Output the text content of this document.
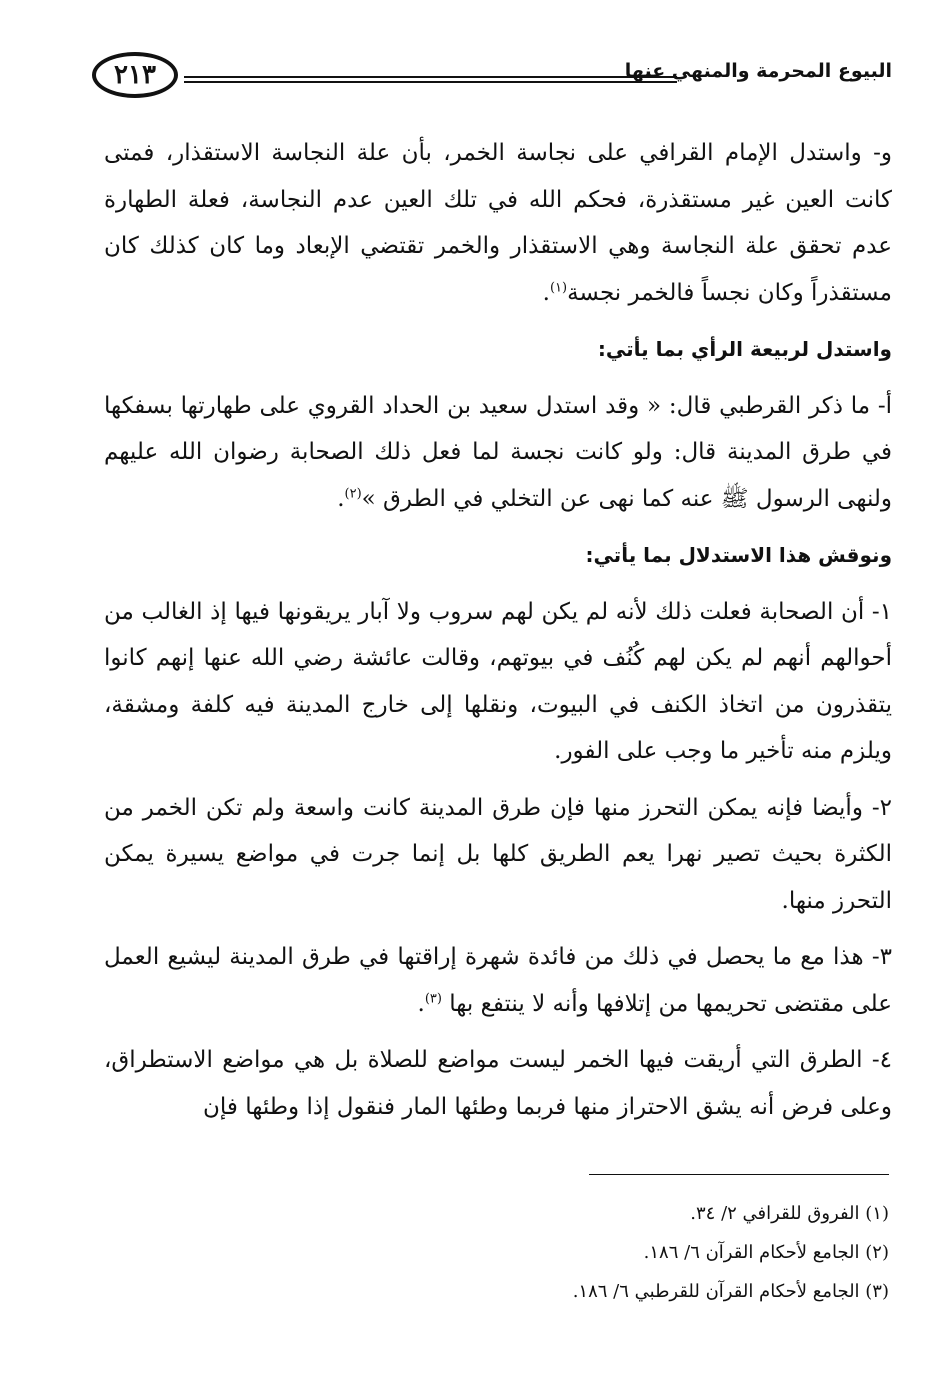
البيوع المحرمة والمنهي عنها
٢١٣

و- واستدل الإمام القرافي على نجاسة الخمر، بأن علة النجاسة الاستقذار، فمتى كانت العين غير مستقذرة، فحكم الله في تلك العين عدم النجاسة، فعلة الطهارة عدم تحقق علة النجاسة وهي الاستقذار والخمر تقتضي الإبعاد وما كان كذلك كان مستقذراً وكان نجساً فالخمر نجسة$^{(١)}$.

واستدل لربيعة الرأي بما يأتي:

أ- ما ذكر القرطبي قال: « وقد استدل سعيد بن الحداد القروي على طهارتها بسفكها في طرق المدينة قال: ولو كانت نجسة لما فعل ذلك الصحابة رضوان الله عليهم ولنهى الرسول ﷺ عنه كما نهى عن التخلي في الطرق »$^{(٢)}$.

ونوقش هذا الاستدلال بما يأتي:

١- أن الصحابة فعلت ذلك لأنه لم يكن لهم سروب ولا آبار يريقونها فيها إذ الغالب من أحوالهم أنهم لم يكن لهم كُنُف في بيوتهم، وقالت عائشة رضي الله عنها إنهم كانوا يتقذرون من اتخاذ الكنف في البيوت، ونقلها إلى خارج المدينة فيه كلفة ومشقة، ويلزم منه تأخير ما وجب على الفور.

٢- وأيضا فإنه يمكن التحرز منها فإن طرق المدينة كانت واسعة ولم تكن الخمر من الكثرة بحيث تصير نهرا يعم الطريق كلها بل إنما جرت في مواضع يسيرة يمكن التحرز منها.

٣- هذا مع ما يحصل في ذلك من فائدة شهرة إراقتها في طرق المدينة ليشيع العمل على مقتضى تحريمها من إتلافها وأنه لا ينتفع بها $^{(٣)}$.

٤- الطرق التي أريقت فيها الخمر ليست مواضع للصلاة بل هي مواضع الاستطراق، وعلى فرض أنه يشق الاحتراز منها فربما وطئها المار فنقول إذا وطئها فإن

(١) الفروق للقرافي ٢/ ٣٤.

(٢) الجامع لأحكام القرآن ٦/ ١٨٦.

(٣) الجامع لأحكام القرآن للقرطبي ٦/ ١٨٦.
